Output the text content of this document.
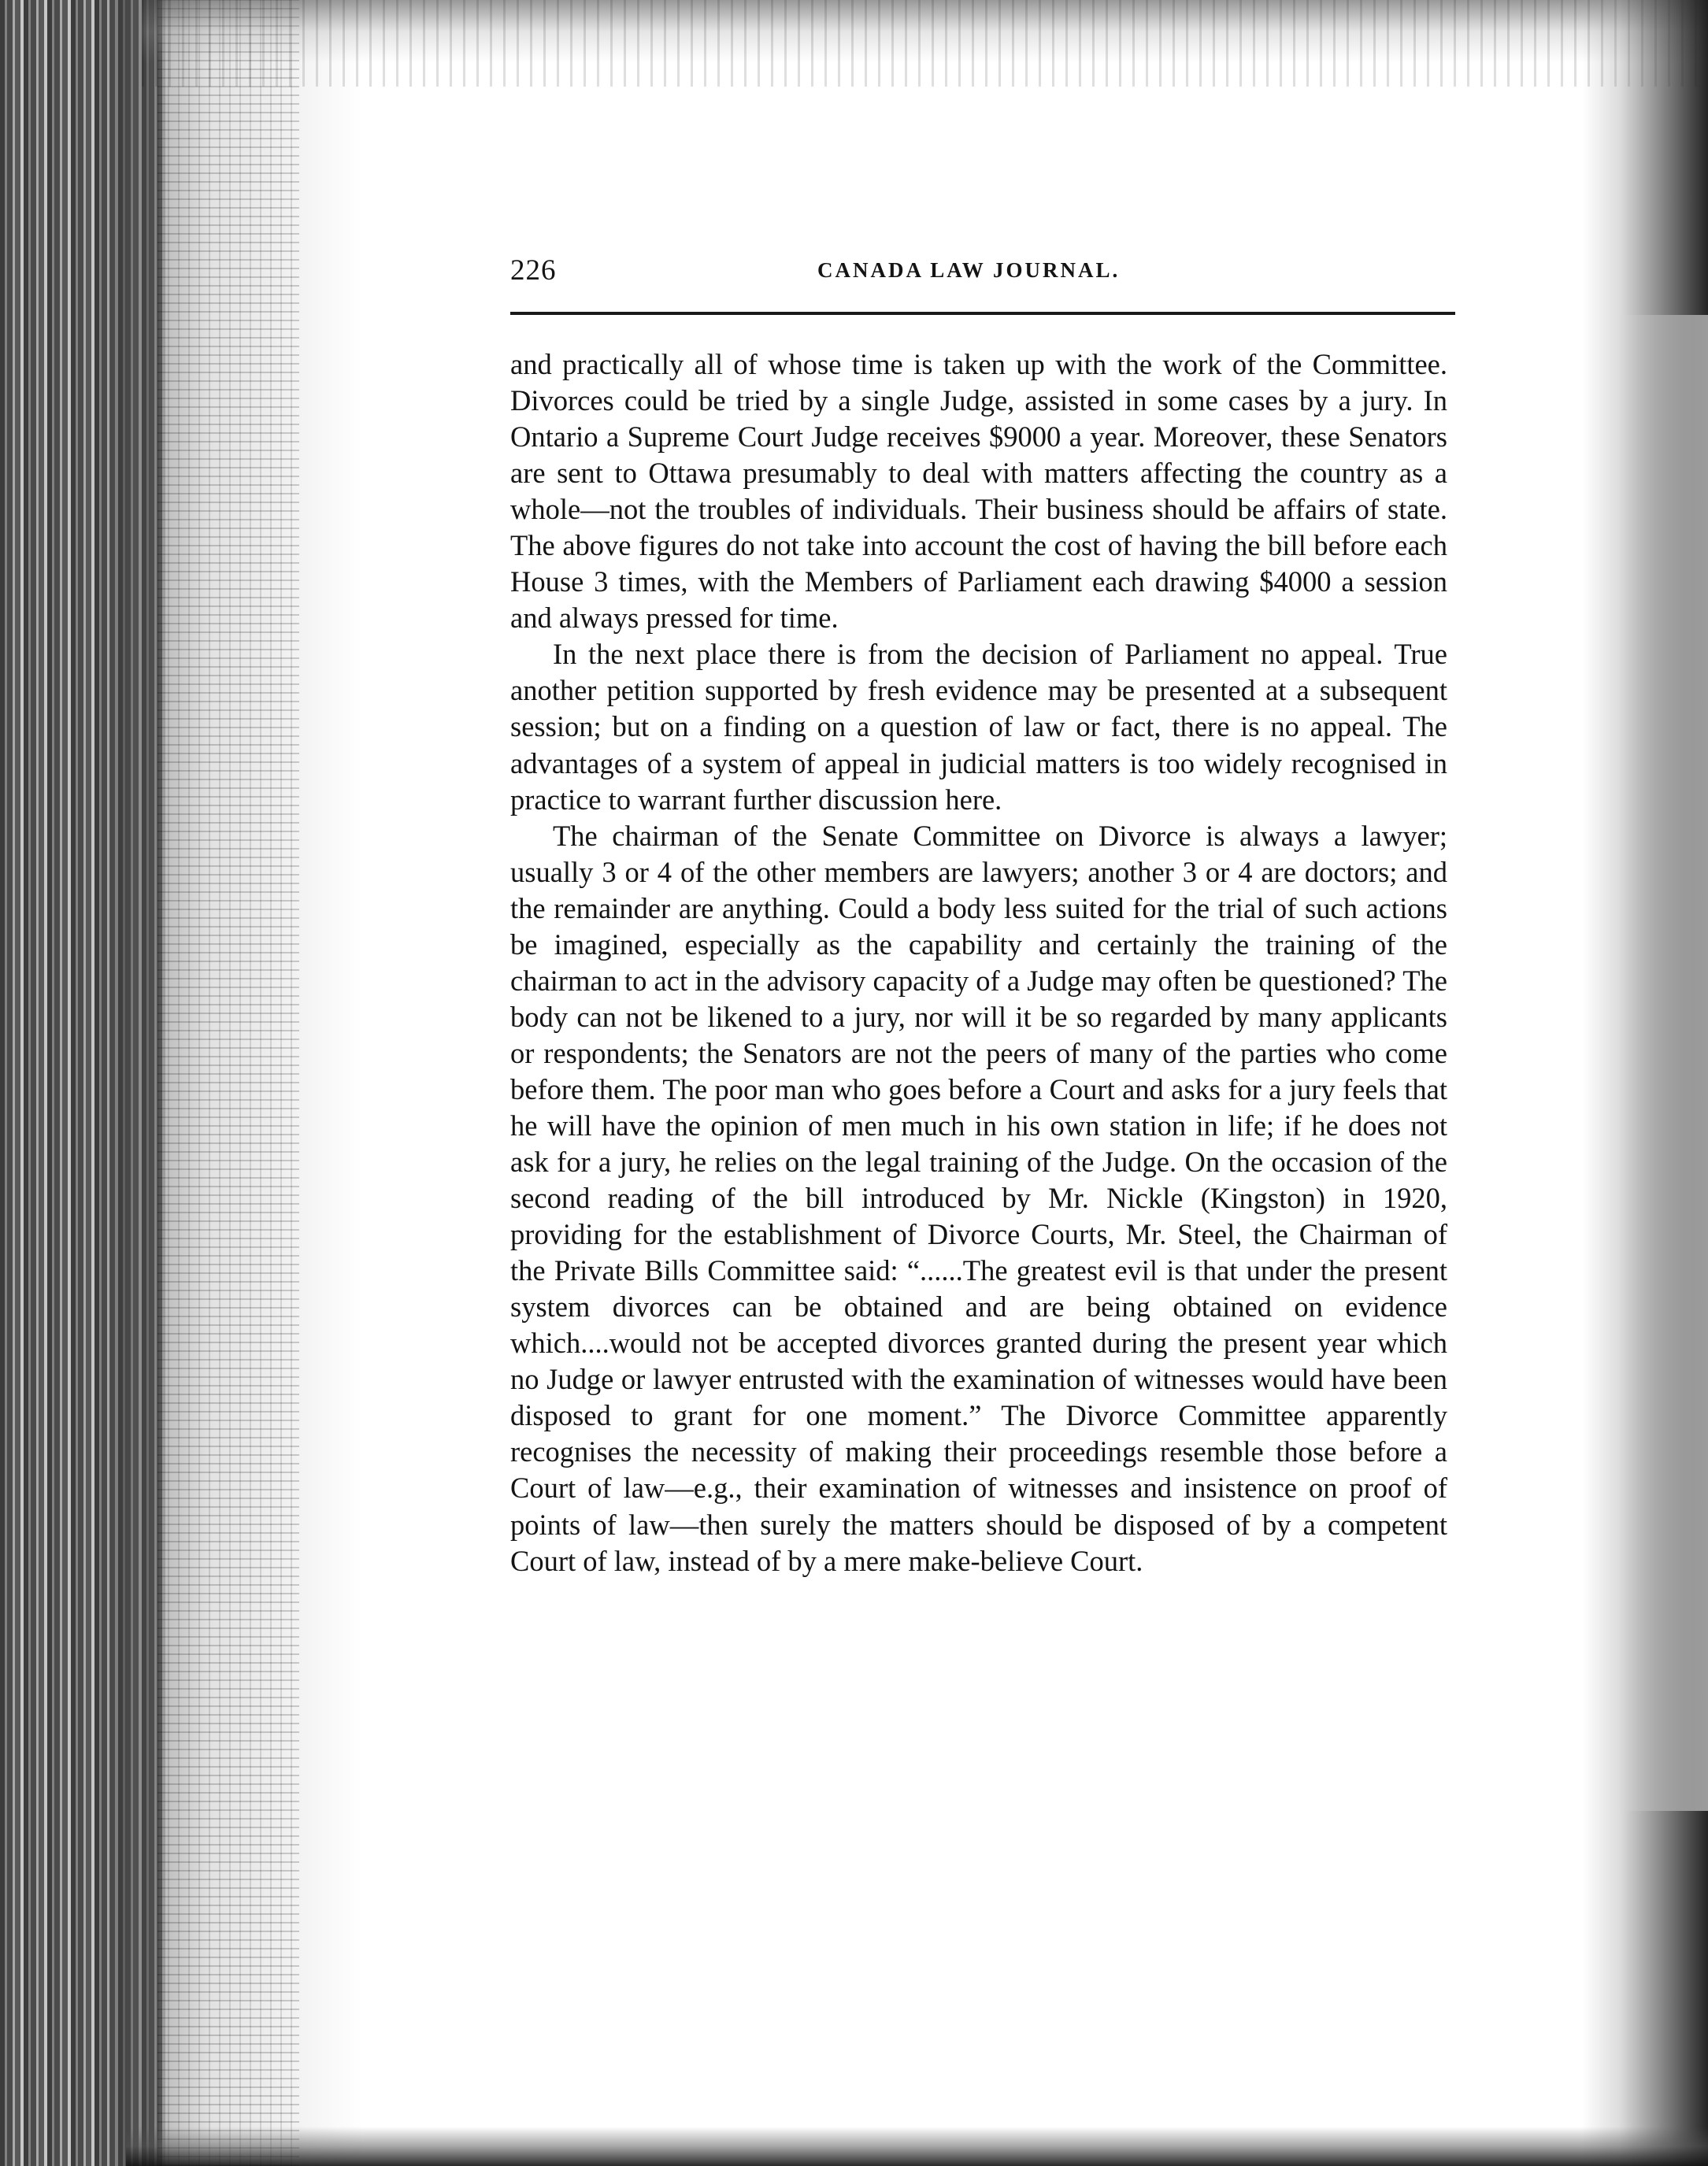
226	CANADA LAW JOURNAL.

and practically all of whose time is taken up with the work of the Committee. Divorces could be tried by a single Judge, assisted in some cases by a jury. In Ontario a Supreme Court Judge receives $9000 a year. Moreover, these Senators are sent to Ottawa presumably to deal with matters affecting the country as a whole—not the troubles of individuals. Their business should be affairs of state. The above figures do not take into account the cost of having the bill before each House 3 times, with the Members of Parliament each drawing $4000 a session and always pressed for time.

In the next place there is from the decision of Parliament no appeal. True another petition supported by fresh evidence may be presented at a subsequent session; but on a finding on a question of law or fact, there is no appeal. The advantages of a system of appeal in judicial matters is too widely recognised in practice to warrant further discussion here.

The chairman of the Senate Committee on Divorce is always a lawyer; usually 3 or 4 of the other members are lawyers; another 3 or 4 are doctors; and the remainder are anything. Could a body less suited for the trial of such actions be imagined, especially as the capability and certainly the training of the chairman to act in the advisory capacity of a Judge may often be questioned? The body can not be likened to a jury, nor will it be so regarded by many applicants or respondents; the Senators are not the peers of many of the parties who come before them. The poor man who goes before a Court and asks for a jury feels that he will have the opinion of men much in his own station in life; if he does not ask for a jury, he relies on the legal training of the Judge. On the occasion of the second reading of the bill introduced by Mr. Nickle (Kingston) in 1920, providing for the establishment of Divorce Courts, Mr. Steel, the Chairman of the Private Bills Committee said: “......The greatest evil is that under the present system divorces can be obtained and are being obtained on evidence which....would not be accepted divorces granted during the present year which no Judge or lawyer entrusted with the examination of witnesses would have been disposed to grant for one moment.” The Divorce Committee apparently recognises the necessity of making their proceedings resemble those before a Court of law—e.g., their examination of witnesses and insistence on proof of points of law—then surely the matters should be disposed of by a competent Court of law, instead of by a mere make-believe Court.
